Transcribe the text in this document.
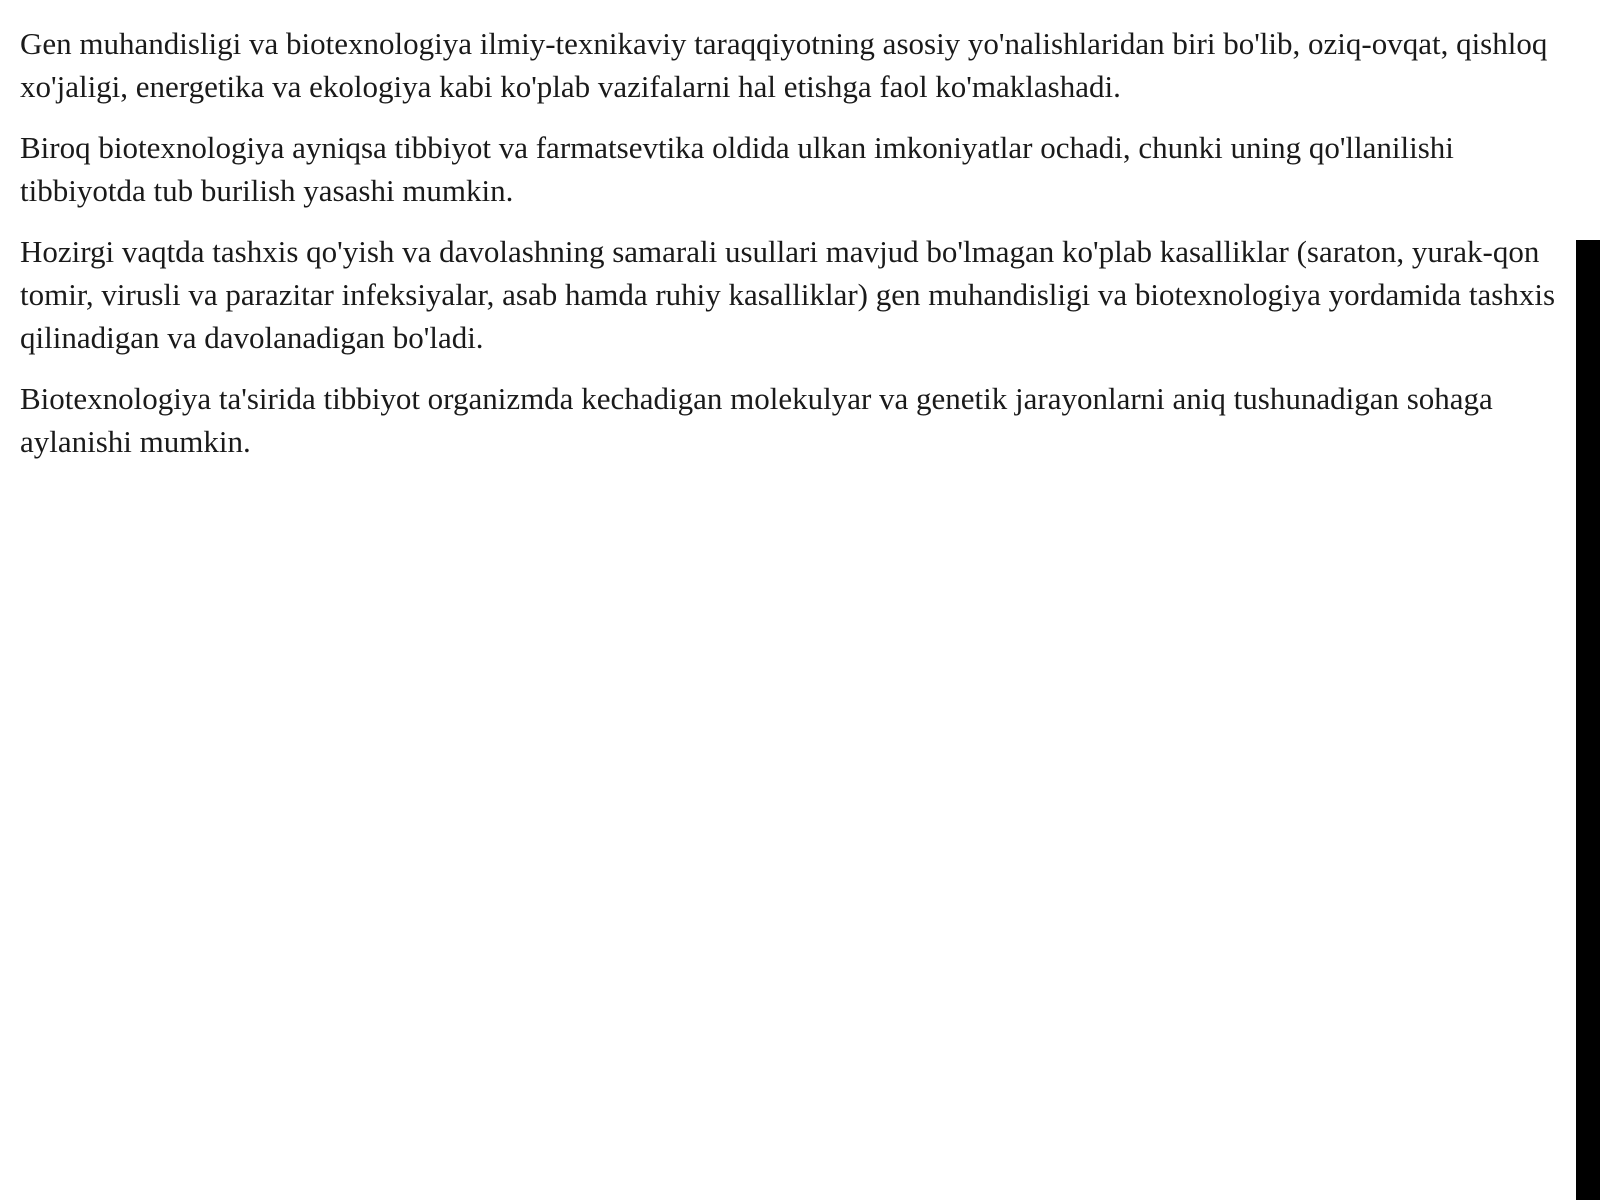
Gen muhandisligi va biotexnologiya ilmiy-texnikaviy taraqqiyotning asosiy yo'nalishlaridan biri bo'lib, oziq-ovqat, qishloq xo'jaligi, energetika va ekologiya kabi ko'plab vazifalarni hal etishga faol ko'maklashadi.

Biroq biotexnologiya ayniqsa tibbiyot va farmatsevtika oldida ulkan imkoniyatlar ochadi, chunki uning qo'llanilishi tibbiyotda tub burilish yasashi mumkin.

Hozirgi vaqtda tashxis qo'yish va davolashning samarali usullari mavjud bo'lmagan ko'plab kasalliklar (saraton, yurak-qon tomir, virusli va parazitar infeksiyalar, asab hamda ruhiy kasalliklar) gen muhandisligi va biotexnologiya yordamida tashxis qilinadigan va davolanadigan bo'ladi.

Biotexnologiya ta'sirida tibbiyot organizmda kechadigan molekulyar va genetik jarayonlarni aniq tushunadigan sohaga aylanishi mumkin.
